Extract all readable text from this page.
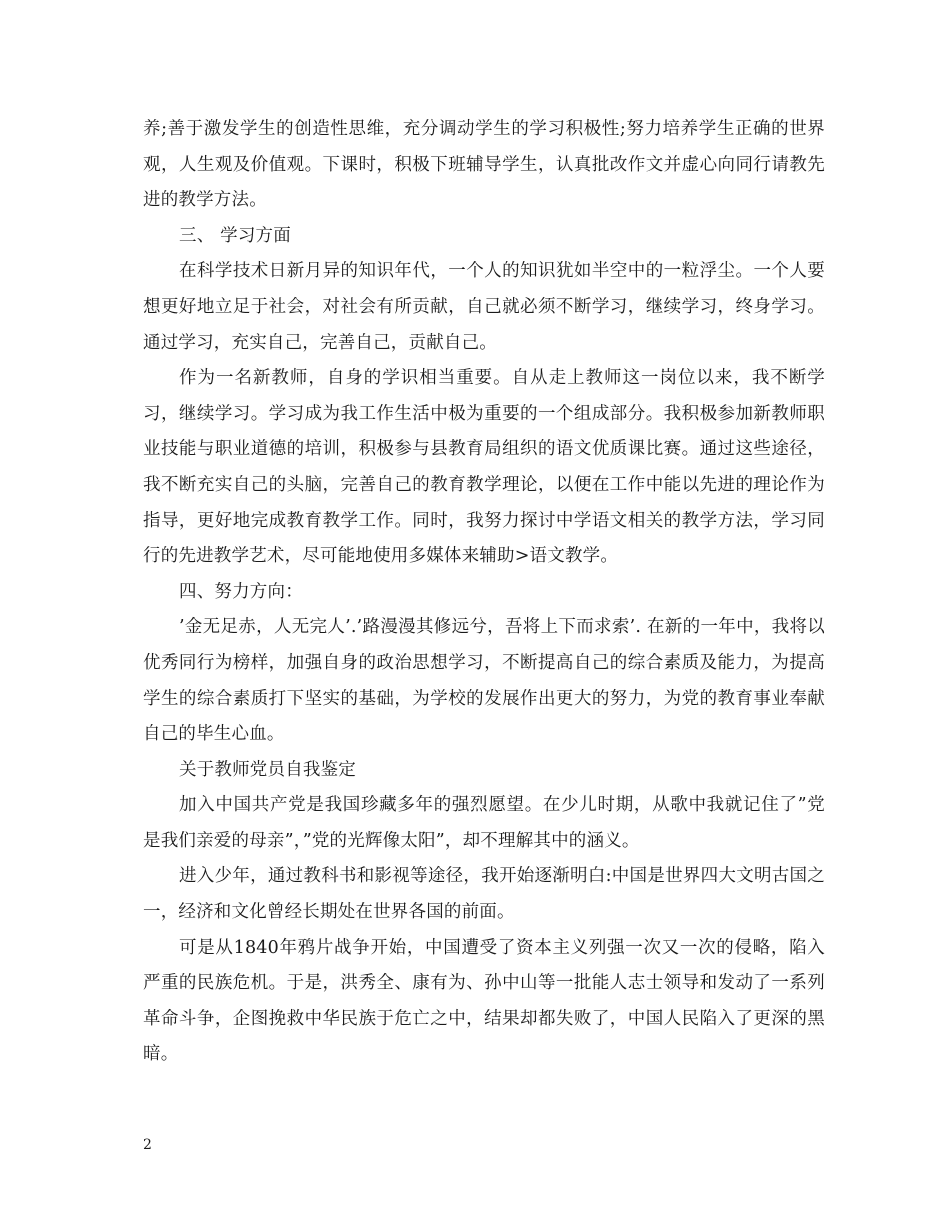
养;善于激发学生的创造性思维，充分调动学生的学习积极性;努力培养学生正确的世界观，人生观及价值观。下课时，积极下班辅导学生，认真批改作文并虚心向同行请教先进的教学方法。

三、 学习方面

在科学技术日新月异的知识年代，一个人的知识犹如半空中的一粒浮尘。一个人要想更好地立足于社会，对社会有所贡献，自己就必须不断学习，继续学习，终身学习。通过学习，充实自己，完善自己，贡献自己。

作为一名新教师，自身的学识相当重要。自从走上教师这一岗位以来，我不断学习，继续学习。学习成为我工作生活中极为重要的一个组成部分。我积极参加新教师职业技能与职业道德的培训，积极参与县教育局组织的语文优质课比赛。通过这些途径，我不断充实自己的头脑，完善自己的教育教学理论，以便在工作中能以先进的理论作为指导，更好地完成教育教学工作。同时，我努力探讨中学语文相关的教学方法，学习同行的先进教学艺术，尽可能地使用多媒体来辅助>语文教学。

四、努力方向：

’金无足赤，人无完人’.’路漫漫其修远兮，吾将上下而求索’. 在新的一年中，我将以优秀同行为榜样，加强自身的政治思想学习，不断提高自己的综合素质及能力，为提高学生的综合素质打下坚实的基础，为学校的发展作出更大的努力，为党的教育事业奉献自己的毕生心血。

关于教师党员自我鉴定

加入中国共产党是我国珍藏多年的强烈愿望。在少儿时期，从歌中我就记住了”党是我们亲爱的母亲”，”党的光辉像太阳”，却不理解其中的涵义。

进入少年，通过教科书和影视等途径，我开始逐渐明白:中国是世界四大文明古国之一，经济和文化曾经长期处在世界各国的前面。

可是从1840年鸦片战争开始，中国遭受了资本主义列强一次又一次的侵略，陷入严重的民族危机。于是，洪秀全、康有为、孙中山等一批能人志士领导和发动了一系列革命斗争，企图挽救中华民族于危亡之中，结果却都失败了，中国人民陷入了更深的黑暗。

2
